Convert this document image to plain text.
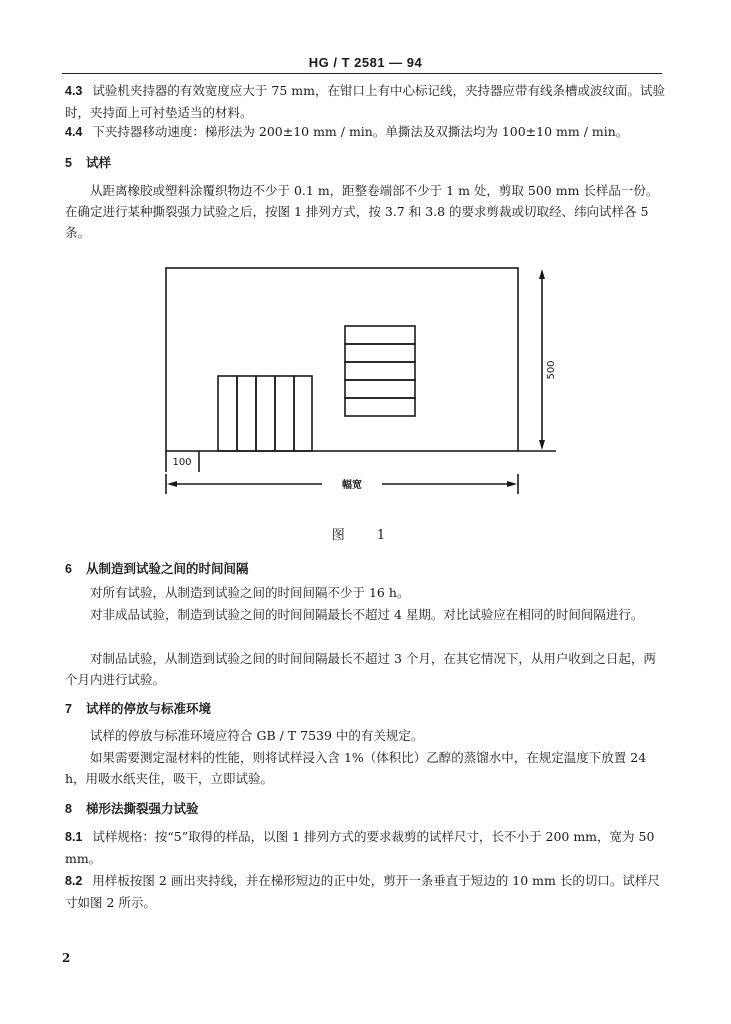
HG / T 2581 — 94

4.3 试验机夹持器的有效宽度应大于 75 mm，在钳口上有中心标记线，夹持器应带有线条槽或波纹面。试验时，夹持面上可衬垫适当的材料。

4.4 下夹持器移动速度：梯形法为 200±10 mm / min。单撕法及双撕法均为 100±10 mm / min。

5 试样

从距离橡胶或塑料涂覆织物边不少于 0.1 m，距整卷端部不少于 1 m 处，剪取 500 mm 长样品一份。在确定进行某种撕裂强力试验之后，按图 1 排列方式，按 3.7 和 3.8 的要求剪裁或切取经、纬向试样各 5 条。

100
幅宽
500
图 1

6 从制造到试验之间的时间间隔

对所有试验，从制造到试验之间的时间间隔不少于 16 h。

对非成品试验，制造到试验之间的时间间隔最长不超过 4 星期。对比试验应在相同的时间间隔进行。

对制品试验，从制造到试验之间的时间间隔最长不超过 3 个月，在其它情况下，从用户收到之日起，两个月内进行试验。

7 试样的停放与标准环境

试样的停放与标准环境应符合 GB / T 7539 中的有关规定。

如果需要测定湿材料的性能，则将试样浸入含 1%（体积比）乙醇的蒸馏水中，在规定温度下放置 24 h，用吸水纸夹住，吸干，立即试验。

8 梯形法撕裂强力试验

8.1 试样规格：按“5”取得的样品，以图 1 排列方式的要求裁剪的试样尺寸，长不小于 200 mm，宽为 50 mm。

8.2 用样板按图 2 画出夹持线，并在梯形短边的正中处，剪开一条垂直于短边的 10 mm 长的切口。试样尺寸如图 2 所示。

2
